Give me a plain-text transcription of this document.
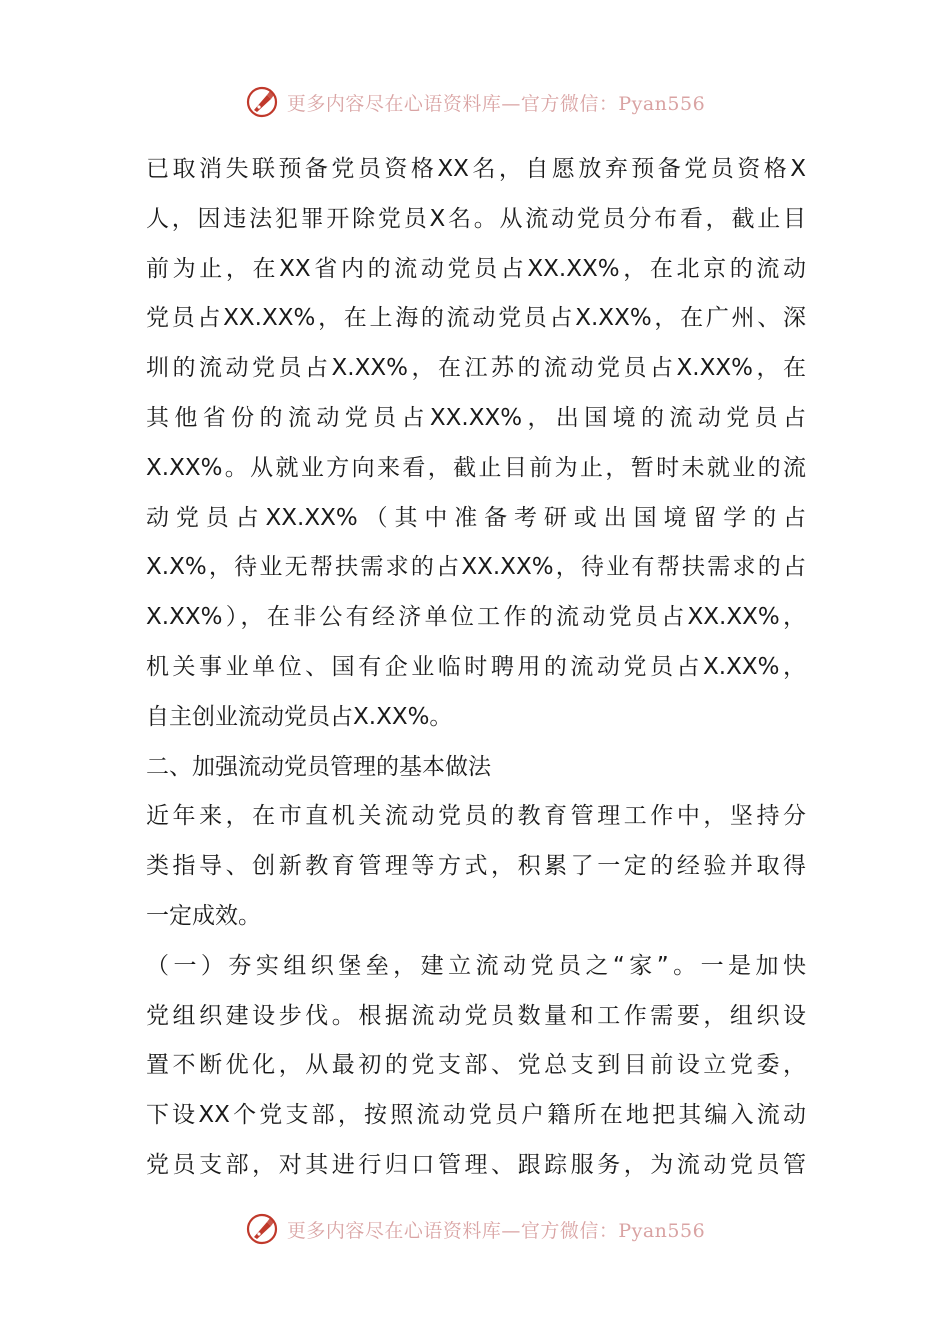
更多内容尽在心语资料库—官方微信：Pyan556
已取消失联预备党员资格XX名，自愿放弃预备党员资格X
人，因违法犯罪开除党员X名。从流动党员分布看，截止目
前为止，在XX省内的流动党员占XX.XX%，在北京的流动
党员占XX.XX%，在上海的流动党员占X.XX%，在广州、深
圳的流动党员占X.XX%，在江苏的流动党员占X.XX%，在
其他省份的流动党员占XX.XX%，出国境的流动党员占
X.XX%。从就业方向来看，截止目前为止，暂时未就业的流
动党员占XX.XX%（其中准备考研或出国境留学的占
X.X%，待业无帮扶需求的占XX.XX%，待业有帮扶需求的占
X.XX%），在非公有经济单位工作的流动党员占XX.XX%，
机关事业单位、国有企业临时聘用的流动党员占X.XX%，
自主创业流动党员占X.XX%。
二、加强流动党员管理的基本做法
近年来，在市直机关流动党员的教育管理工作中，坚持分
类指导、创新教育管理等方式，积累了一定的经验并取得
一定成效。
（一）夯实组织堡垒，建立流动党员之“家”。一是加快
党组织建设步伐。根据流动党员数量和工作需要，组织设
置不断优化，从最初的党支部、党总支到目前设立党委，
下设XX个党支部，按照流动党员户籍所在地把其编入流动
党员支部，对其进行归口管理、跟踪服务，为流动党员管
更多内容尽在心语资料库—官方微信：Pyan556
